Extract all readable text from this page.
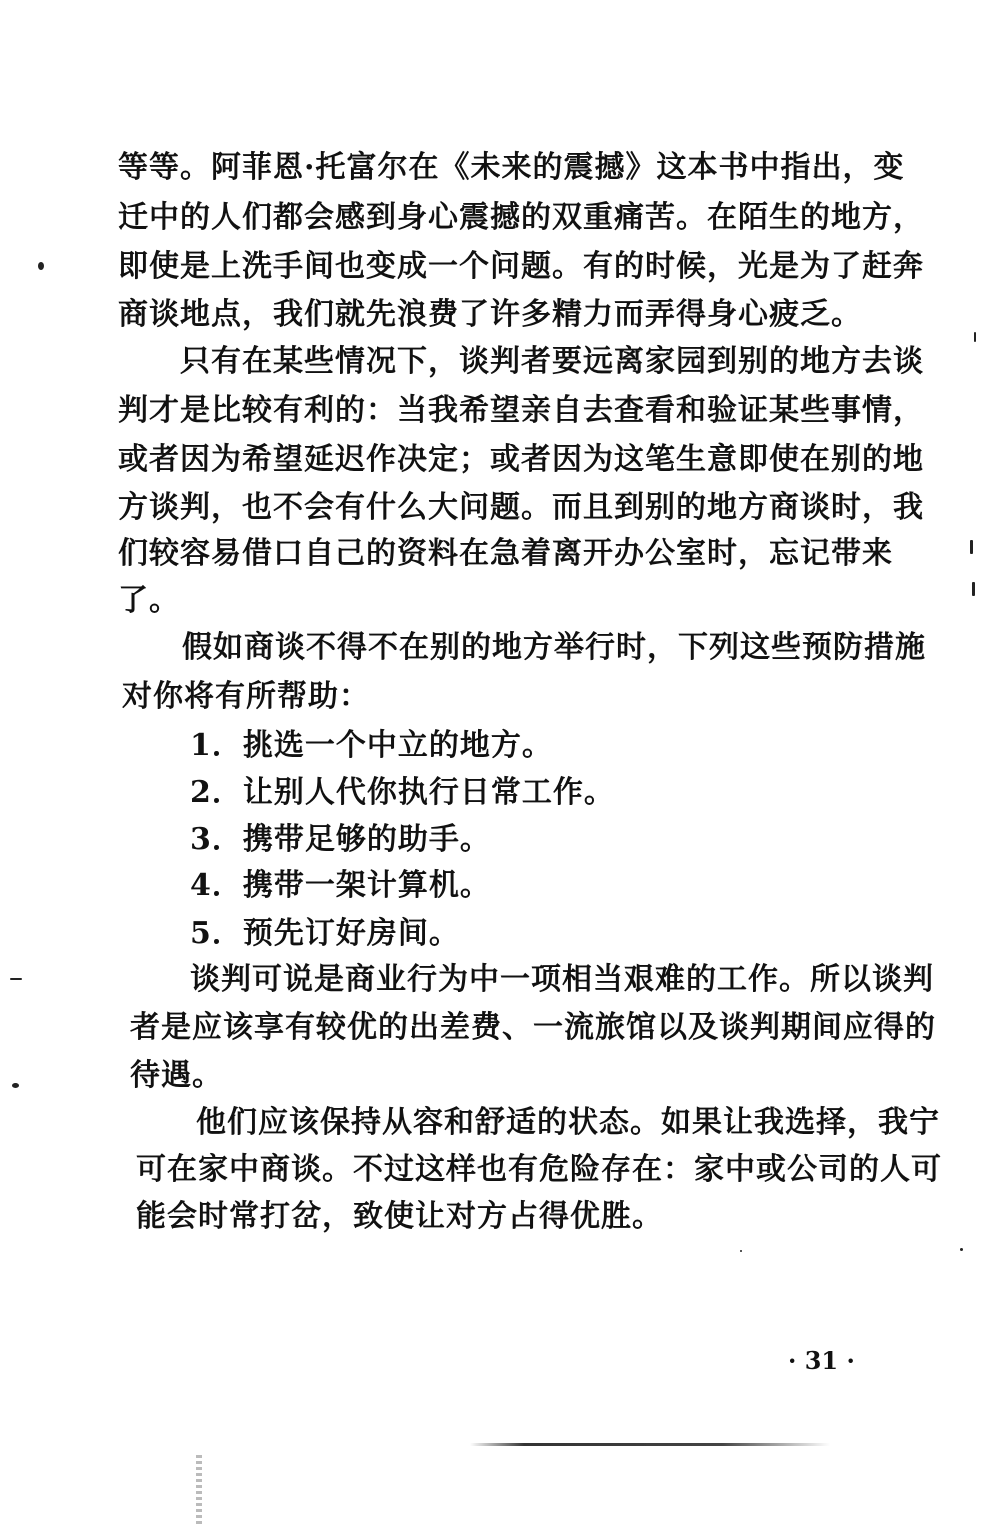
等等。阿菲恩·托富尔在《未来的震撼》这本书中指出，变
迁中的人们都会感到身心震撼的双重痛苦。在陌生的地方，
即使是上洗手间也变成一个问题。有的时候，光是为了赶奔
商谈地点，我们就先浪费了许多精力而弄得身心疲乏。
只有在某些情况下，谈判者要远离家园到别的地方去谈
判才是比较有利的：当我希望亲自去查看和验证某些事情，
或者因为希望延迟作决定；或者因为这笔生意即使在别的地
方谈判，也不会有什么大问题。而且到别的地方商谈时，我
们较容易借口自己的资料在急着离开办公室时，忘记带来
了。
假如商谈不得不在别的地方举行时，下列这些预防措施
对你将有所帮助：
1．挑选一个中立的地方。
2．让别人代你执行日常工作。
3．携带足够的助手。
4．携带一架计算机。
5．预先订好房间。
谈判可说是商业行为中一项相当艰难的工作。所以谈判
者是应该享有较优的出差费、一流旅馆以及谈判期间应得的
待遇。
他们应该保持从容和舒适的状态。如果让我选择，我宁
可在家中商谈。不过这样也有危险存在：家中或公司的人可
能会时常打岔，致使让对方占得优胜。
· 31 ·
